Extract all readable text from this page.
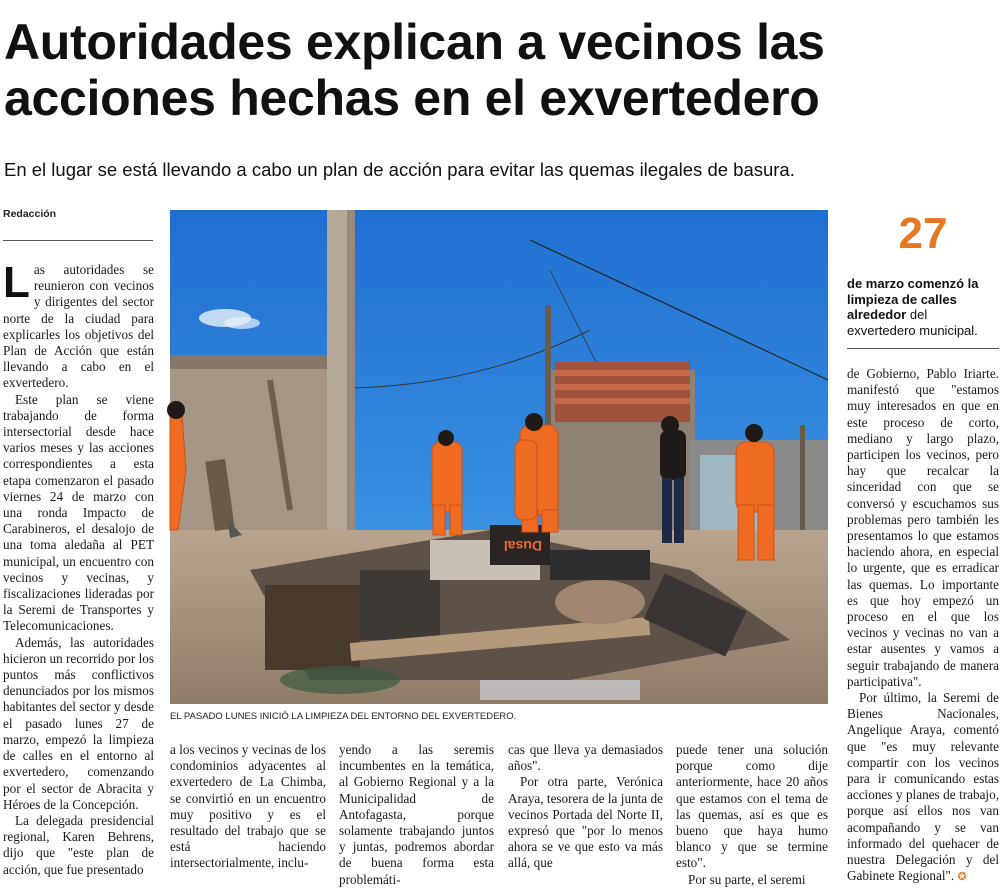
Autoridades explican a vecinos las
acciones hechas en el exvertedero
En el lugar se está llevando a cabo un plan de acción para evitar las quemas ilegales de basura.
Redacción

Las autoridades se reunieron con vecinos y dirigentes del sector norte de la ciudad para explicarles los objetivos del Plan de Acción que están llevando a cabo en el exvertedero.

Este plan se viene trabajando de forma intersectorial desde hace varios meses y las acciones correspondientes a esta etapa comenzaron el pasado viernes 24 de marzo con una ronda Impacto de Carabineros, el desalojo de una toma aledaña al PET municipal, un encuentro con vecinos y vecinas, y fiscalizaciones lideradas por la Seremi de Transportes y Telecomunicaciones.

Además, las autoridades hicieron un recorrido por los puntos más conflictivos denunciados por los mismos habitantes del sector y desde el pasado lunes 27 de marzo, empezó la limpieza de calles en el entorno al exvertedero, comenzando por el sector de Abracita y Héroes de la Concepción.

La delegada presidencial regional, Karen Behrens, dijo que "este plan de acción, que fue presentado

Dusal
EL PASADO LUNES INICIÓ LA LIMPIEZA DEL ENTORNO DEL EXVERTEDERO.

a los vecinos y vecinas de los condominios adyacentes al exvertedero de La Chimba, se convirtió en un encuentro muy positivo y es el resultado del trabajo que se está haciendo intersectorialmente, inclu-

yendo a las seremis incumbentes en la temática, al Gobierno Regional y a la Municipalidad de Antofagasta, porque solamente trabajando juntos y juntas, podremos abordar de buena forma esta problemáti-

cas que lleva ya demasiados años".

Por otra parte, Verónica Araya, tesorera de la junta de vecinos Portada del Norte II, expresó que "por lo menos ahora se ve que esto va más allá, que

puede tener una solución porque como dije anteriormente, hace 20 años que estamos con el tema de las quemas, así es que es bueno que haya humo blanco y que se termine esto".

Por su parte, el seremi

27
de marzo comenzó la limpieza de calles alrededor del exvertedero municipal.

de Gobierno, Pablo Iriarte. manifestó que "estamos muy interesados en que en este proceso de corto, mediano y largo plazo, participen los vecinos, pero hay que recalcar la sinceridad con que se conversó y escuchamos sus problemas pero también les presentamos lo que estamos haciendo ahora, en especial lo urgente, que es erradicar las quemas. Lo importante es que hoy empezó un proceso en el que los vecinos y vecinas no van a estar ausentes y vamos a seguir trabajando de manera participativa".

Por último, la Seremi de Bienes Nacionales, Angelique Araya, comentó que "es muy relevante compartir con los vecinos para ir comunicando estas acciones y planes de trabajo, porque así ellos nos van acompañando y se van informado del quehacer de nuestra Delegación y del Gabinete Regional". ✪
